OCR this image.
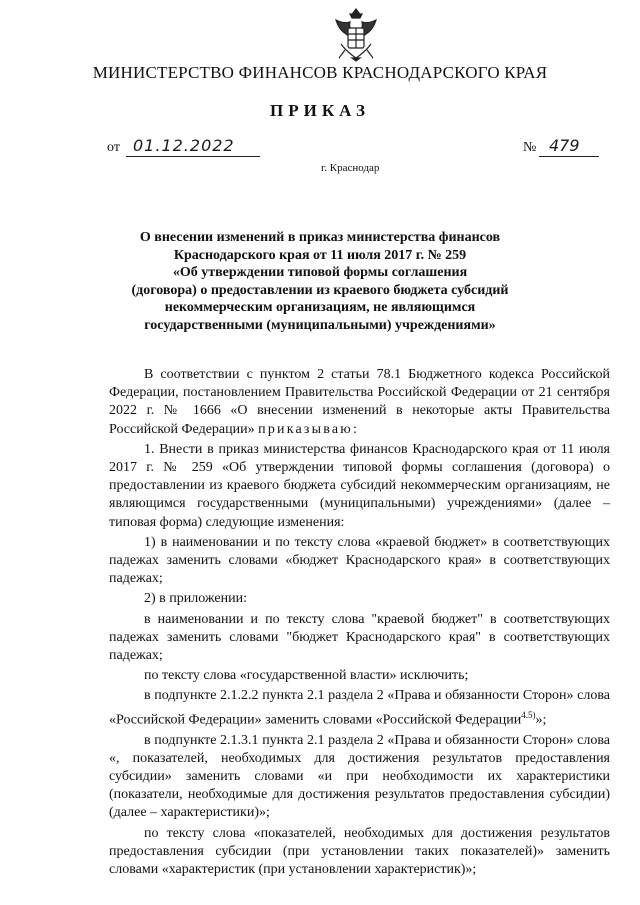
МИНИСТЕРСТВО ФИНАНСОВ КРАСНОДАРСКОГО КРАЯ
ПРИКАЗ
от 01.12.2022	№ 479
г. Краснодар
О внесении изменений в приказ министерства финансов
Краснодарского края от 11 июля 2017 г. № 259
«Об утверждении типовой формы соглашения
(договора) о предоставлении из краевого бюджета субсидий
некоммерческим организациям, не являющимся
государственными (муниципальными) учреждениями»

В соответствии с пунктом 2 статьи 78.1 Бюджетного кодекса Российской Федерации, постановлением Правительства Российской Федерации от 21 сентября 2022 г. № 1666 «О внесении изменений в некоторые акты Правительства Российской Федерации» приказываю:

1. Внести в приказ министерства финансов Краснодарского края от 11 июля 2017 г. № 259 «Об утверждении типовой формы соглашения (договора) о предоставлении из краевого бюджета субсидий некоммерческим организациям, не являющимся государственными (муниципальными) учреждениями» (далее – типовая форма) следующие изменения:

1) в наименовании и по тексту слова «краевой бюджет» в соответствующих падежах заменить словами «бюджет Краснодарского края» в соответствующих падежах;

2) в приложении:

в наименовании и по тексту слова "краевой бюджет" в соответствующих падежах заменить словами "бюджет Краснодарского края" в соответствующих падежах;

по тексту слова «государственной власти» исключить;

в подпункте 2.1.2.2 пункта 2.1 раздела 2 «Права и обязанности Сторон» слова «Российской Федерации» заменить словами «Российской Федерации$^{4.5)}$»;

в подпункте 2.1.3.1 пункта 2.1 раздела 2 «Права и обязанности Сторон» слова «, показателей, необходимых для достижения результатов предоставления субсидии» заменить словами «и при необходимости их характеристики (показатели, необходимые для достижения результатов предоставления субсидии) (далее – характеристики)»;

по тексту слова «показателей, необходимых для достижения результатов предоставления субсидии (при установлении таких показателей)» заменить словами «характеристик (при установлении характеристик)»;
